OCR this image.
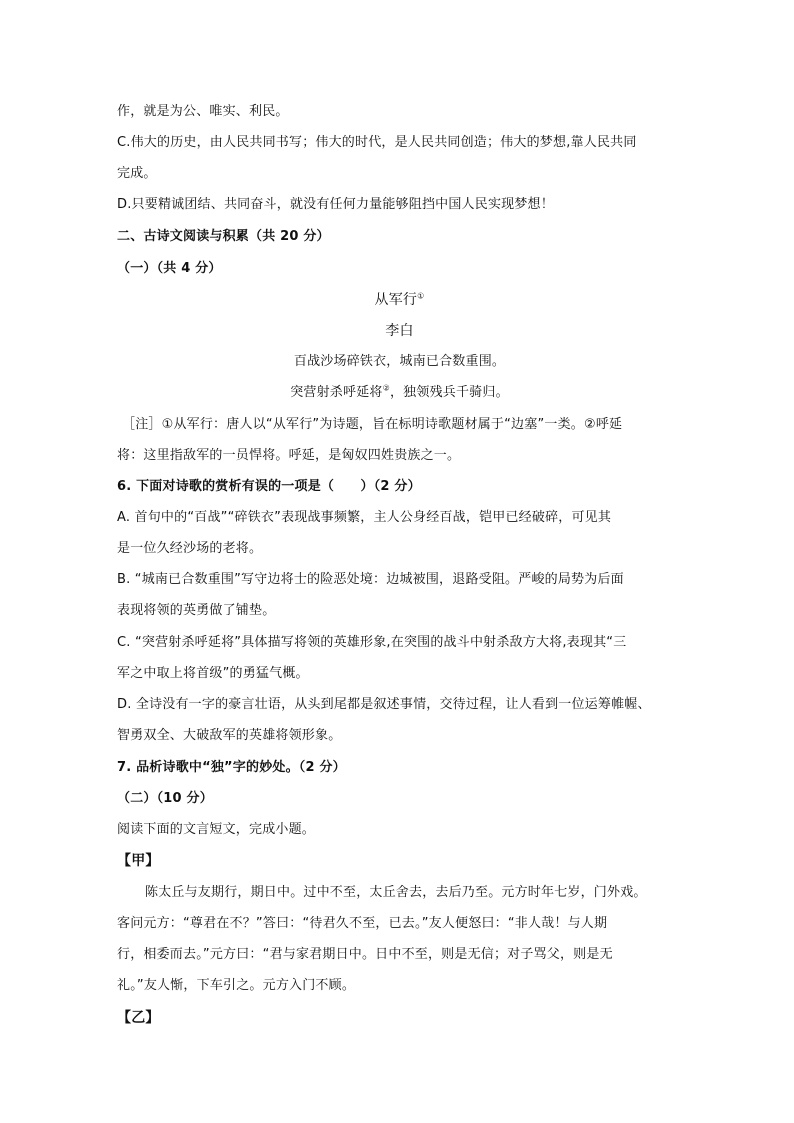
作，就是为公、唯实、利民。
C.伟大的历史，由人民共同书写；伟大的时代，是人民共同创造；伟大的梦想,靠人民共同
完成。
D.只要精诚团结、共同奋斗，就没有任何力量能够阻挡中国人民实现梦想！
二、古诗文阅读与积累（共 20 分）
（一）（共 4 分）
从军行①
李白
百战沙场碎铁衣，城南已合数重围。
突营射杀呼延将②，独领残兵千骑归。
［注］①从军行：唐人以“从军行”为诗题，旨在标明诗歌题材属于“边塞”一类。②呼延
将：这里指敌军的一员悍将。呼延，是匈奴四姓贵族之一。
6. 下面对诗歌的赏析有误的一项是（　　）（2 分）
A. 首句中的“百战”“碎铁衣”表现战事频繁，主人公身经百战，铠甲已经破碎，可见其
是一位久经沙场的老将。
B. “城南已合数重围”写守边将士的险恶处境：边城被围，退路受阻。严峻的局势为后面
表现将领的英勇做了铺垫。
C. “突营射杀呼延将”具体描写将领的英雄形象,在突围的战斗中射杀敌方大将,表现其“三
军之中取上将首级”的勇猛气概。
D. 全诗没有一字的豪言壮语，从头到尾都是叙述事情，交待过程，让人看到一位运筹帷幄、
智勇双全、大破敌军的英雄将领形象。
7. 品析诗歌中“独”字的妙处。（2 分）
（二）（10 分）
阅读下面的文言短文，完成小题。
【甲】
陈太丘与友期行，期日中。过中不至，太丘舍去，去后乃至。元方时年七岁，门外戏。
客问元方：“尊君在不？”答曰：“待君久不至，已去。”友人便怒曰：“非人哉！与人期
行，相委而去。”元方曰：“君与家君期日中。日中不至，则是无信；对子骂父，则是无
礼。”友人惭，下车引之。元方入门不顾。
【乙】
